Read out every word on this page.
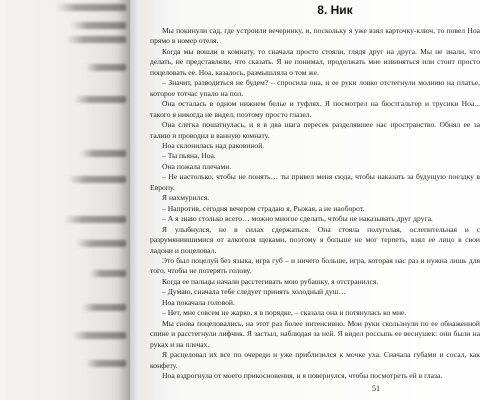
8. Ник

Мы покинули сад, где устроили вечеринку, и, поскольку я уже взял карточку-ключ, то повел Ноа прямо в номер отеля.

Когда мы вошли в комнату, то сначала просто стояли, глядя друг на друга. Мы не знали, что делать, не представляли, что сказать. Я не понимал, продолжать мне извиняться или стоит просто поцеловать ее. Ноа, казалось, размышляла о том же.

– Значит, разводиться не будем? – спросила она, и ее руки ловко отстегнули молнию на платье, которое тотчас упало на пол.

Она осталась в одном нижнем белье и туфлях. Я посмотрел на бюстгальтер и трусики Ноа... такого я никогда не видел, поэтому просто глазел.

Она слегка пошатнулась, и я в два шага пересек разделявшее нас пространство. Обнял ее за талию и проводил в ванную комнату.

Ноа склонилась над раковиной.

– Ты пьяна, Ноа.

Она пожала плечами.

– Не настолько, чтобы не понять… ты привел меня сюда, чтобы наказать за будущую поездку в Европу.

Я нахмурился.

– Напротив, сегодня вечером страдаю я, Рыжая, а не наоборот.

– А я знаю столько всего… можно многое сделать, чтобы не наказывать друг друга.

Я улыбнулся, не в силах сдержаться. Она стояла полуголая, ослепительная и с разрумянившимися от алкоголя щеками, поэтому я больше не мог терпеть, взял ее лицо в свои ладони и поцеловал.

Это был поцелуй без языка, игра губ – и ничего больше, игра, которая нас раз и нужна лишь для того, чтобы не потерять голову.

Когда ее пальцы начали расстегивать мою рубашку, я отстранился.

– Думаю, сначала тебе следует принять холодный душ…

Ноа покачала головой.

– Нет, мне совсем не жарко, я в порядке, – сказала она и потянулась ко мне.

Мы снова поцеловались, на этот раз более интенсивно. Мои руки скользнули по ее обнаженной спине и расстегнули лифчик. Я застыл, наблюдая за ней. Я видел россыпь ее веснушек: они были на руках и на плечах.

Я расцеловал их все по очереди и уже приблизился к мочке уха. Сначала губами и сосал, как конфету.

Ноа вздрогнула от моего прикосновения, и я повернулся, чтобы посмотреть ей в глаза.

51
